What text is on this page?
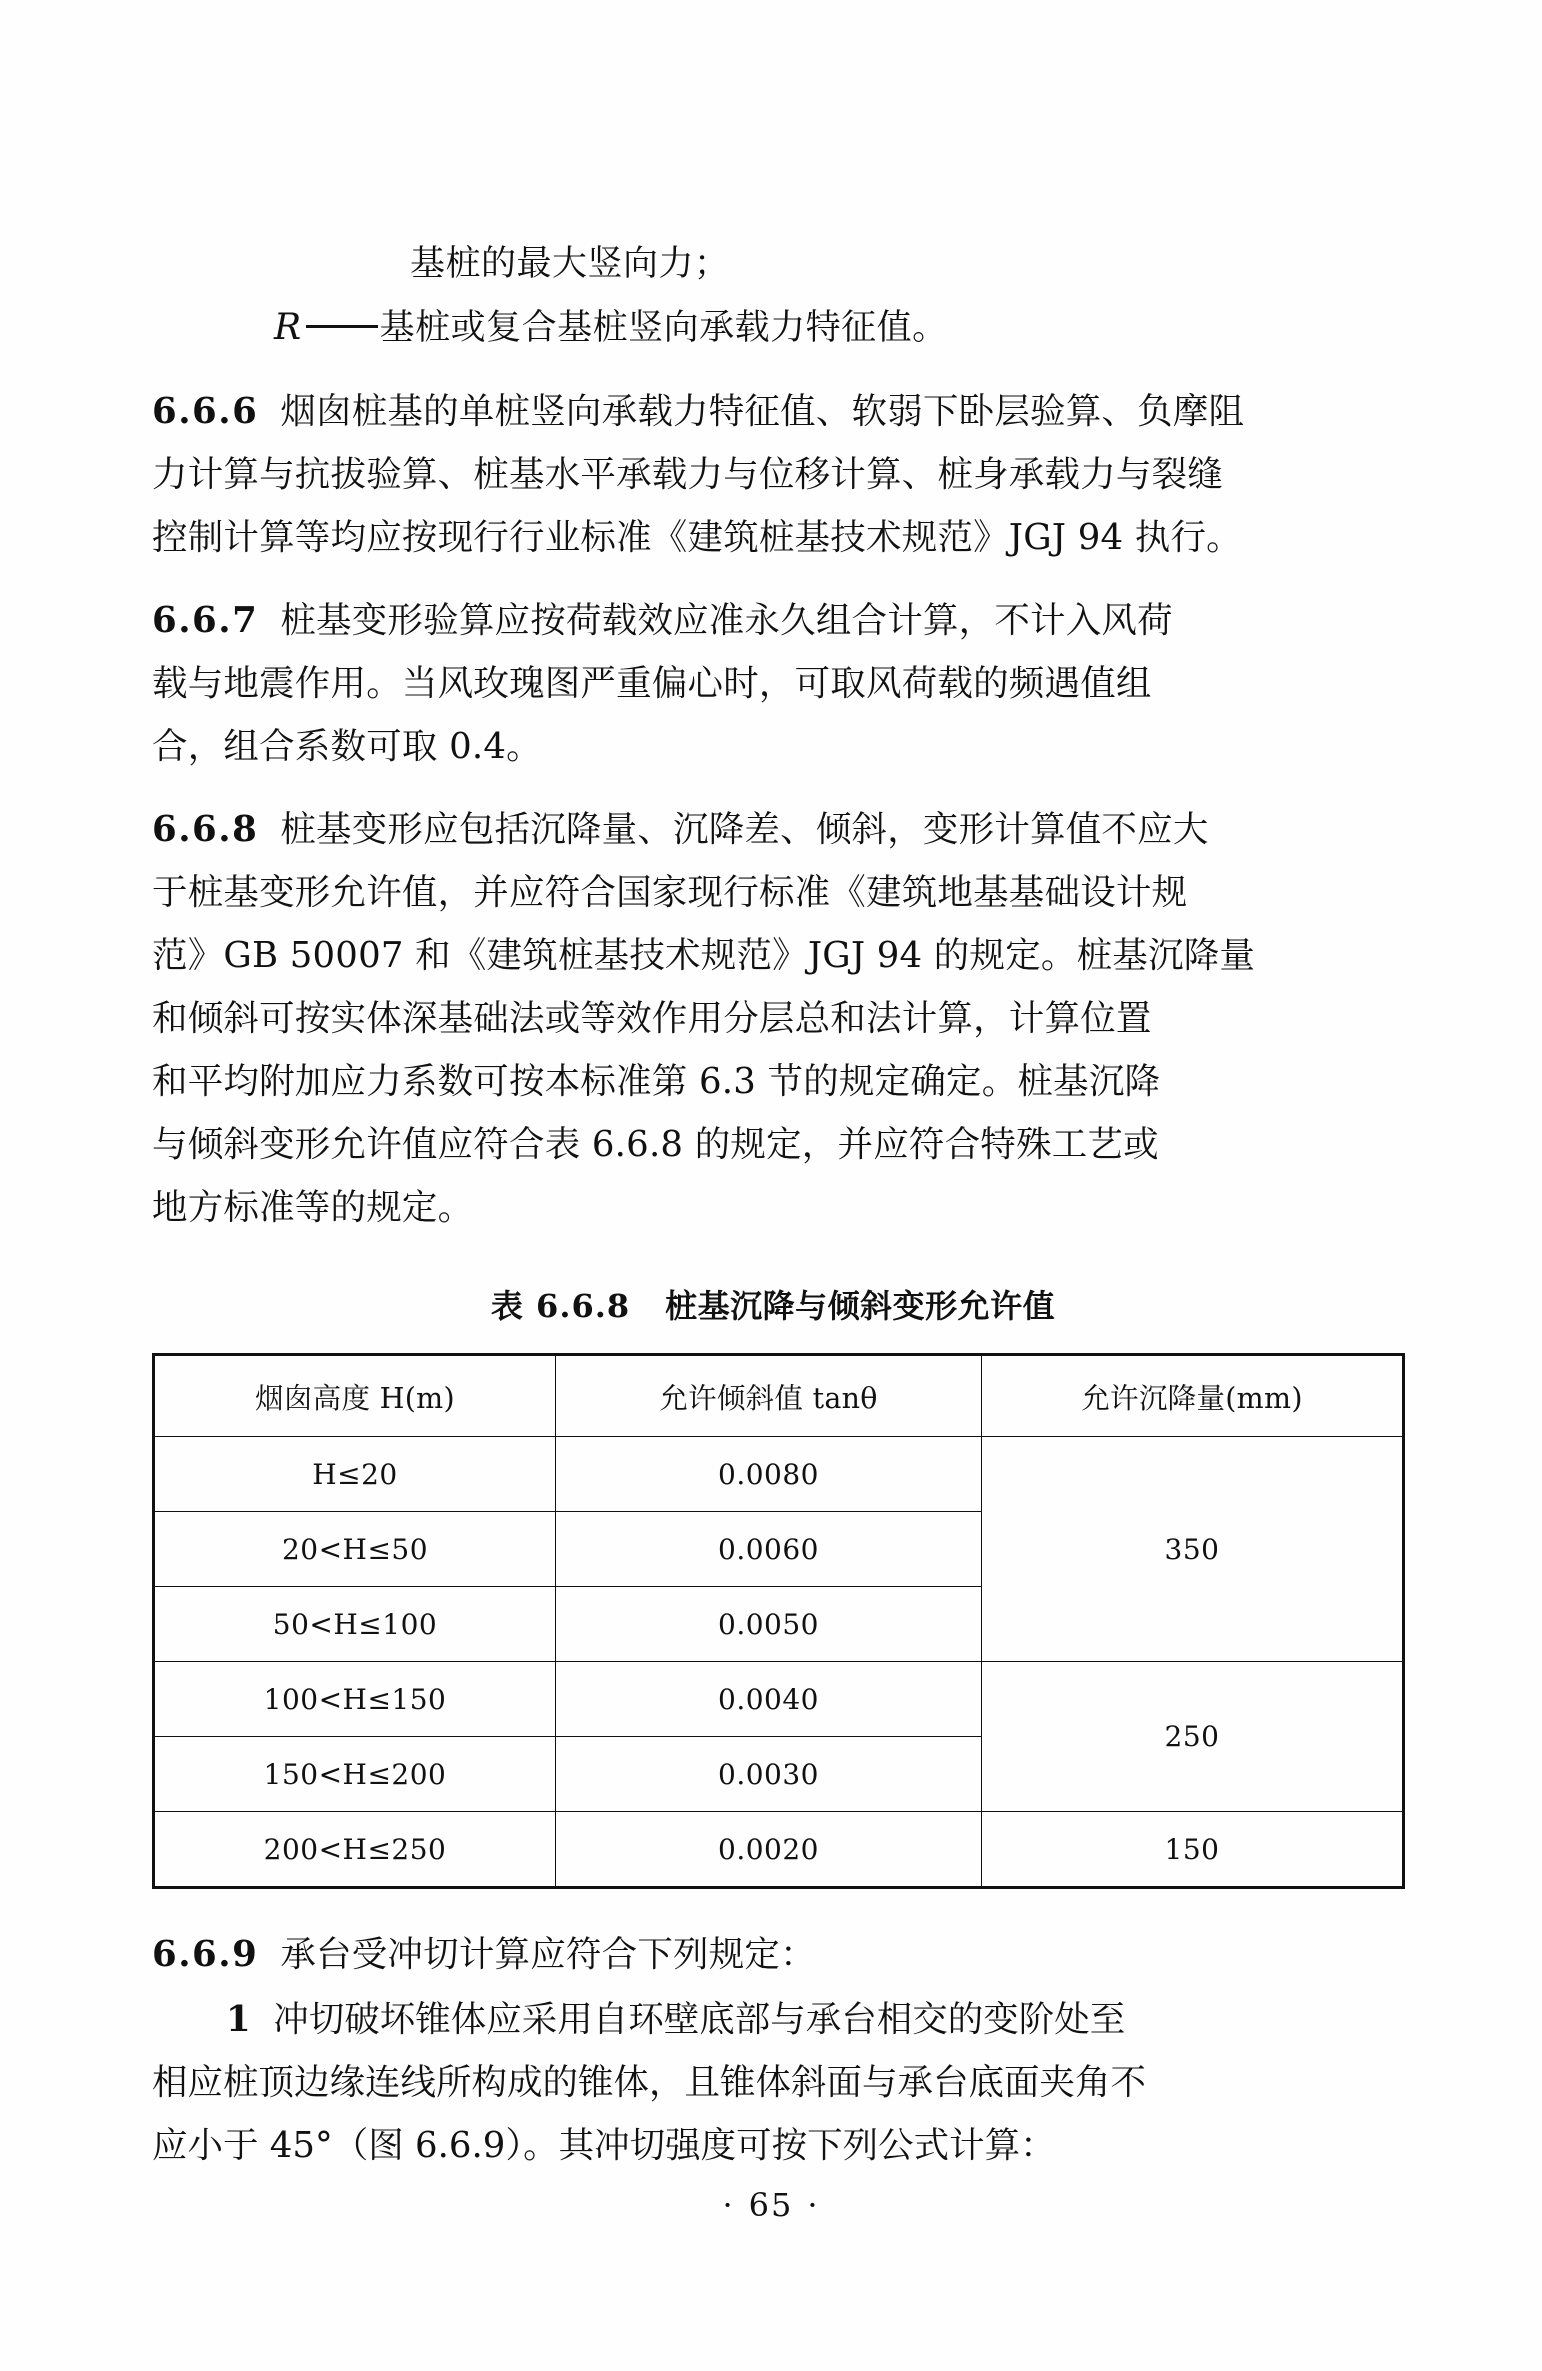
基桩的最大竖向力；
R 基桩或复合基桩竖向承载力特征值。

6.6.6 烟囱桩基的单桩竖向承载力特征值、软弱下卧层验算、负摩阻

力计算与抗拔验算、桩基水平承载力与位移计算、桩身承载力与裂缝

控制计算等均应按现行行业标准《建筑桩基技术规范》JGJ 94 执行。

6.6.7 桩基变形验算应按荷载效应准永久组合计算，不计入风荷

载与地震作用。当风玫瑰图严重偏心时，可取风荷载的频遇值组

合，组合系数可取 0.4。

6.6.8 桩基变形应包括沉降量、沉降差、倾斜，变形计算值不应大

于桩基变形允许值，并应符合国家现行标准《建筑地基基础设计规

范》GB 50007 和《建筑桩基技术规范》JGJ 94 的规定。桩基沉降量

和倾斜可按实体深基础法或等效作用分层总和法计算，计算位置

和平均附加应力系数可按本标准第 6.3 节的规定确定。桩基沉降

与倾斜变形允许值应符合表 6.6.8 的规定，并应符合特殊工艺或

地方标准等的规定。

表 6.6.8 桩基沉降与倾斜变形允许值
烟囱高度 H(m)	允许倾斜值 tanθ	允许沉降量(mm)
H≤20	0.0080	350
20<H≤50	0.0060	
50<H≤100	0.0050	
100<H≤150	0.0040	250
150<H≤200	0.0030	
200<H≤250	0.0020	150

6.6.9 承台受冲切计算应符合下列规定：

1 冲切破坏锥体应采用自环壁底部与承台相交的变阶处至

相应桩顶边缘连线所构成的锥体，且锥体斜面与承台底面夹角不

应小于 45°（图 6.6.9）。其冲切强度可按下列公式计算：

· 65 ·
